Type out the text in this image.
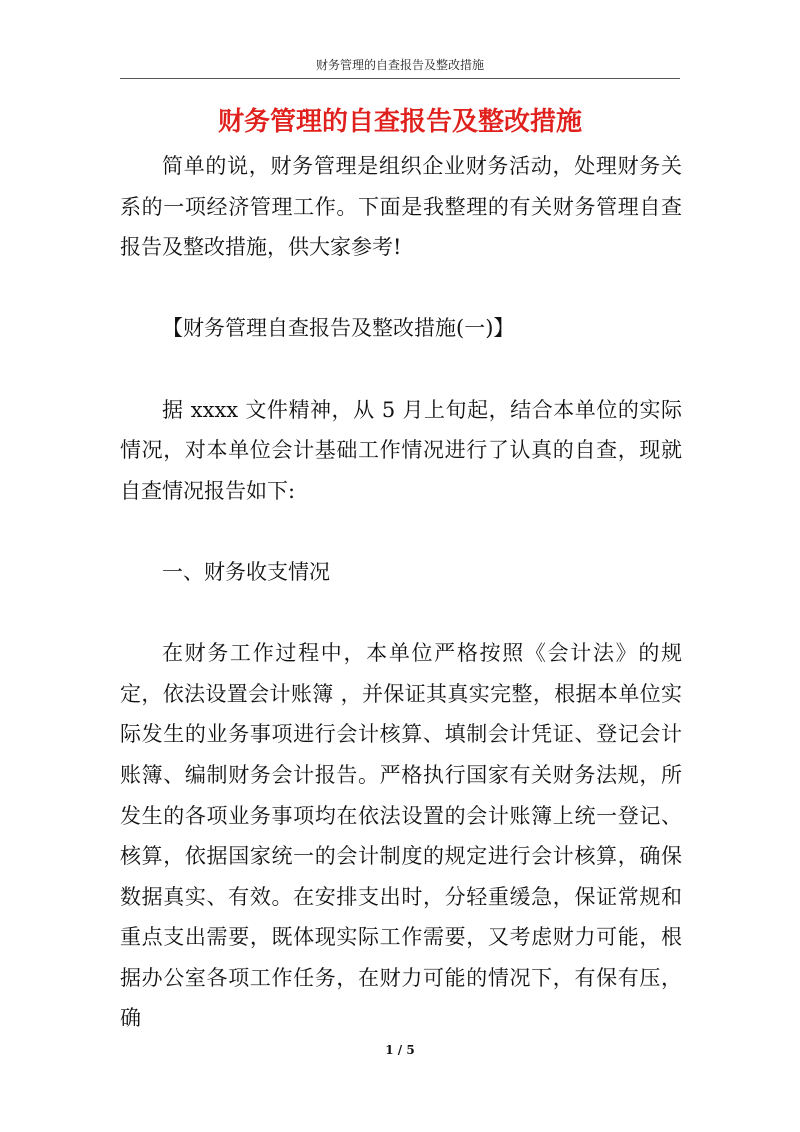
财务管理的自查报告及整改措施
财务管理的自查报告及整改措施

简单的说，财务管理是组织企业财务活动，处理财务关系的一项经济管理工作。下面是我整理的有关财务管理自查报告及整改措施，供大家参考!

【财务管理自查报告及整改措施(一)】

据 xxxx 文件精神，从 5 月上旬起，结合本单位的实际情况，对本单位会计基础工作情况进行了认真的自查，现就自查情况报告如下:

一、财务收支情况

在财务工作过程中，本单位严格按照《会计法》的规定，依法设置会计账簿 ，并保证其真实完整，根据本单位实际发生的业务事项进行会计核算、填制会计凭证、登记会计账簿、编制财务会计报告。严格执行国家有关财务法规，所发生的各项业务事项均在依法设置的会计账簿上统一登记、核算，依据国家统一的会计制度的规定进行会计核算，确保数据真实、有效。在安排支出时，分轻重缓急，保证常规和重点支出需要，既体现实际工作需要，又考虑财力可能，根据办公室各项工作任务，在财力可能的情况下，有保有压，确

1 / 5
